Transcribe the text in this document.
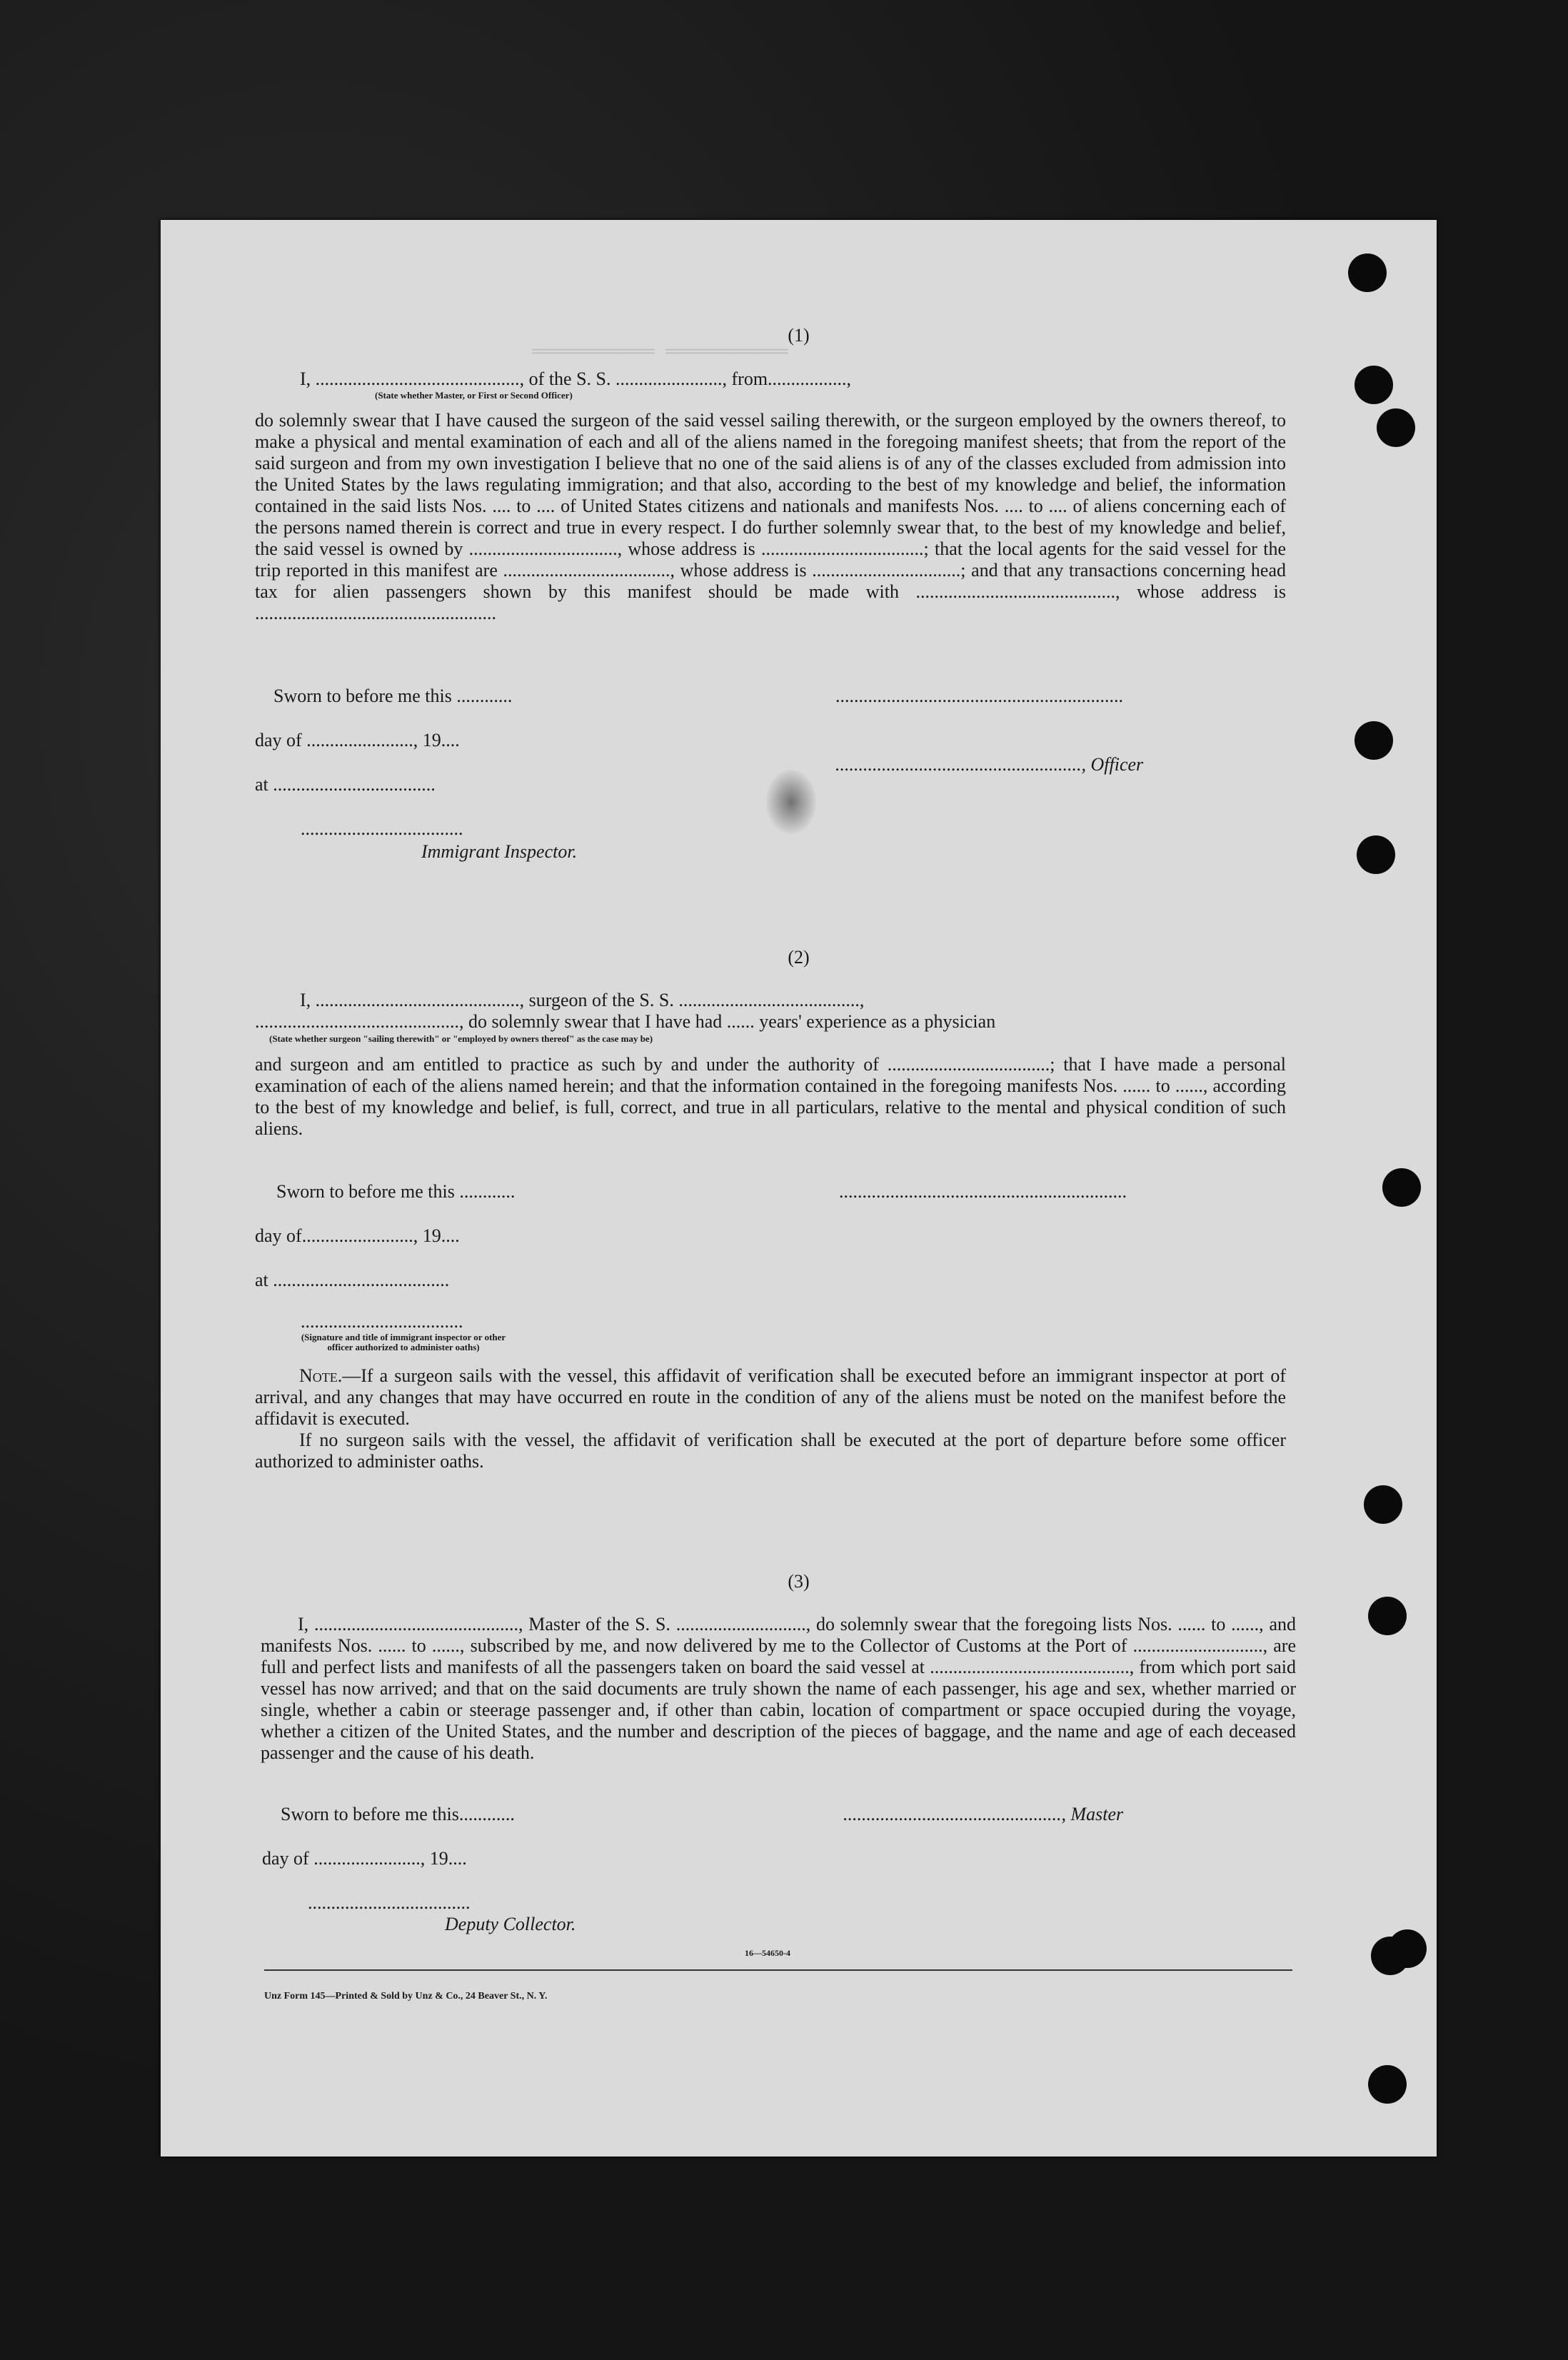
═══════════ ═══════════
(1)
I, ............................................, of the S. S. ......................., from.................,
(State whether Master, or First or Second Officer)
do solemnly swear that I have caused the surgeon of the said vessel sailing therewith, or the surgeon employed by the owners thereof, to make a physical and mental examination of each and all of the aliens named in the foregoing manifest sheets; that from the report of the said surgeon and from my own investigation I believe that no one of the said aliens is of any of the classes excluded from admission into the United States by the laws regulating immigration; and that also, according to the best of my knowledge and belief, the information contained in the said lists Nos. .... to .... of United States citizens and nationals and manifests Nos. .... to .... of aliens concerning each of the persons named therein is correct and true in every respect. I do further solemnly swear that, to the best of my knowledge and belief, the said vessel is owned by ................................, whose address is ...................................; that the local agents for the said vessel for the trip reported in this manifest are ...................................., whose address is ................................; and that any transactions concerning head tax for alien passengers shown by this manifest should be made with ..........................................., whose address is ....................................................
Sworn to before me this ............	..............................................................
day of ......................., 19....
....................................................., Officer
at ...................................
...................................
Immigrant Inspector.
(2)
I, ............................................, surgeon of the S. S. .......................................,
............................................, do solemnly swear that I have had ...... years' experience as a physician
(State whether surgeon "sailing therewith" or "employed by owners thereof" as the case may be)
and surgeon and am entitled to practice as such by and under the authority of ...................................; that I have made a personal examination of each of the aliens named herein; and that the information contained in the foregoing manifests Nos. ...... to ......, according to the best of my knowledge and belief, is full, correct, and true in all particulars, relative to the mental and physical condition of such aliens.
Sworn to before me this ............	..............................................................
day of........................, 19....
at ......................................
...................................
(Signature and title of immigrant inspector or other officer authorized to administer oaths)
Note.—If a surgeon sails with the vessel, this affidavit of verification shall be executed before an immigrant inspector at port of arrival, and any changes that may have occurred en route in the condition of any of the aliens must be noted on the manifest before the affidavit is executed.
If no surgeon sails with the vessel, the affidavit of verification shall be executed at the port of departure before some officer authorized to administer oaths.
(3)
I, ............................................, Master of the S. S. ............................, do solemnly swear that the foregoing lists Nos. ...... to ......, and manifests Nos. ...... to ......, subscribed by me, and now delivered by me to the Collector of Customs at the Port of ............................, are full and perfect lists and manifests of all the passengers taken on board the said vessel at ..........................................., from which port said vessel has now arrived; and that on the said documents are truly shown the name of each passenger, his age and sex, whether married or single, whether a cabin or steerage passenger and, if other than cabin, location of compartment or space occupied during the voyage, whether a citizen of the United States, and the number and description of the pieces of baggage, and the name and age of each deceased passenger and the cause of his death.
Sworn to before me this............	..............................................., Master
day of ......................., 19....
...................................
Deputy Collector.
16—54650-4
Unz Form 145—Printed & Sold by Unz & Co., 24 Beaver St., N. Y.
